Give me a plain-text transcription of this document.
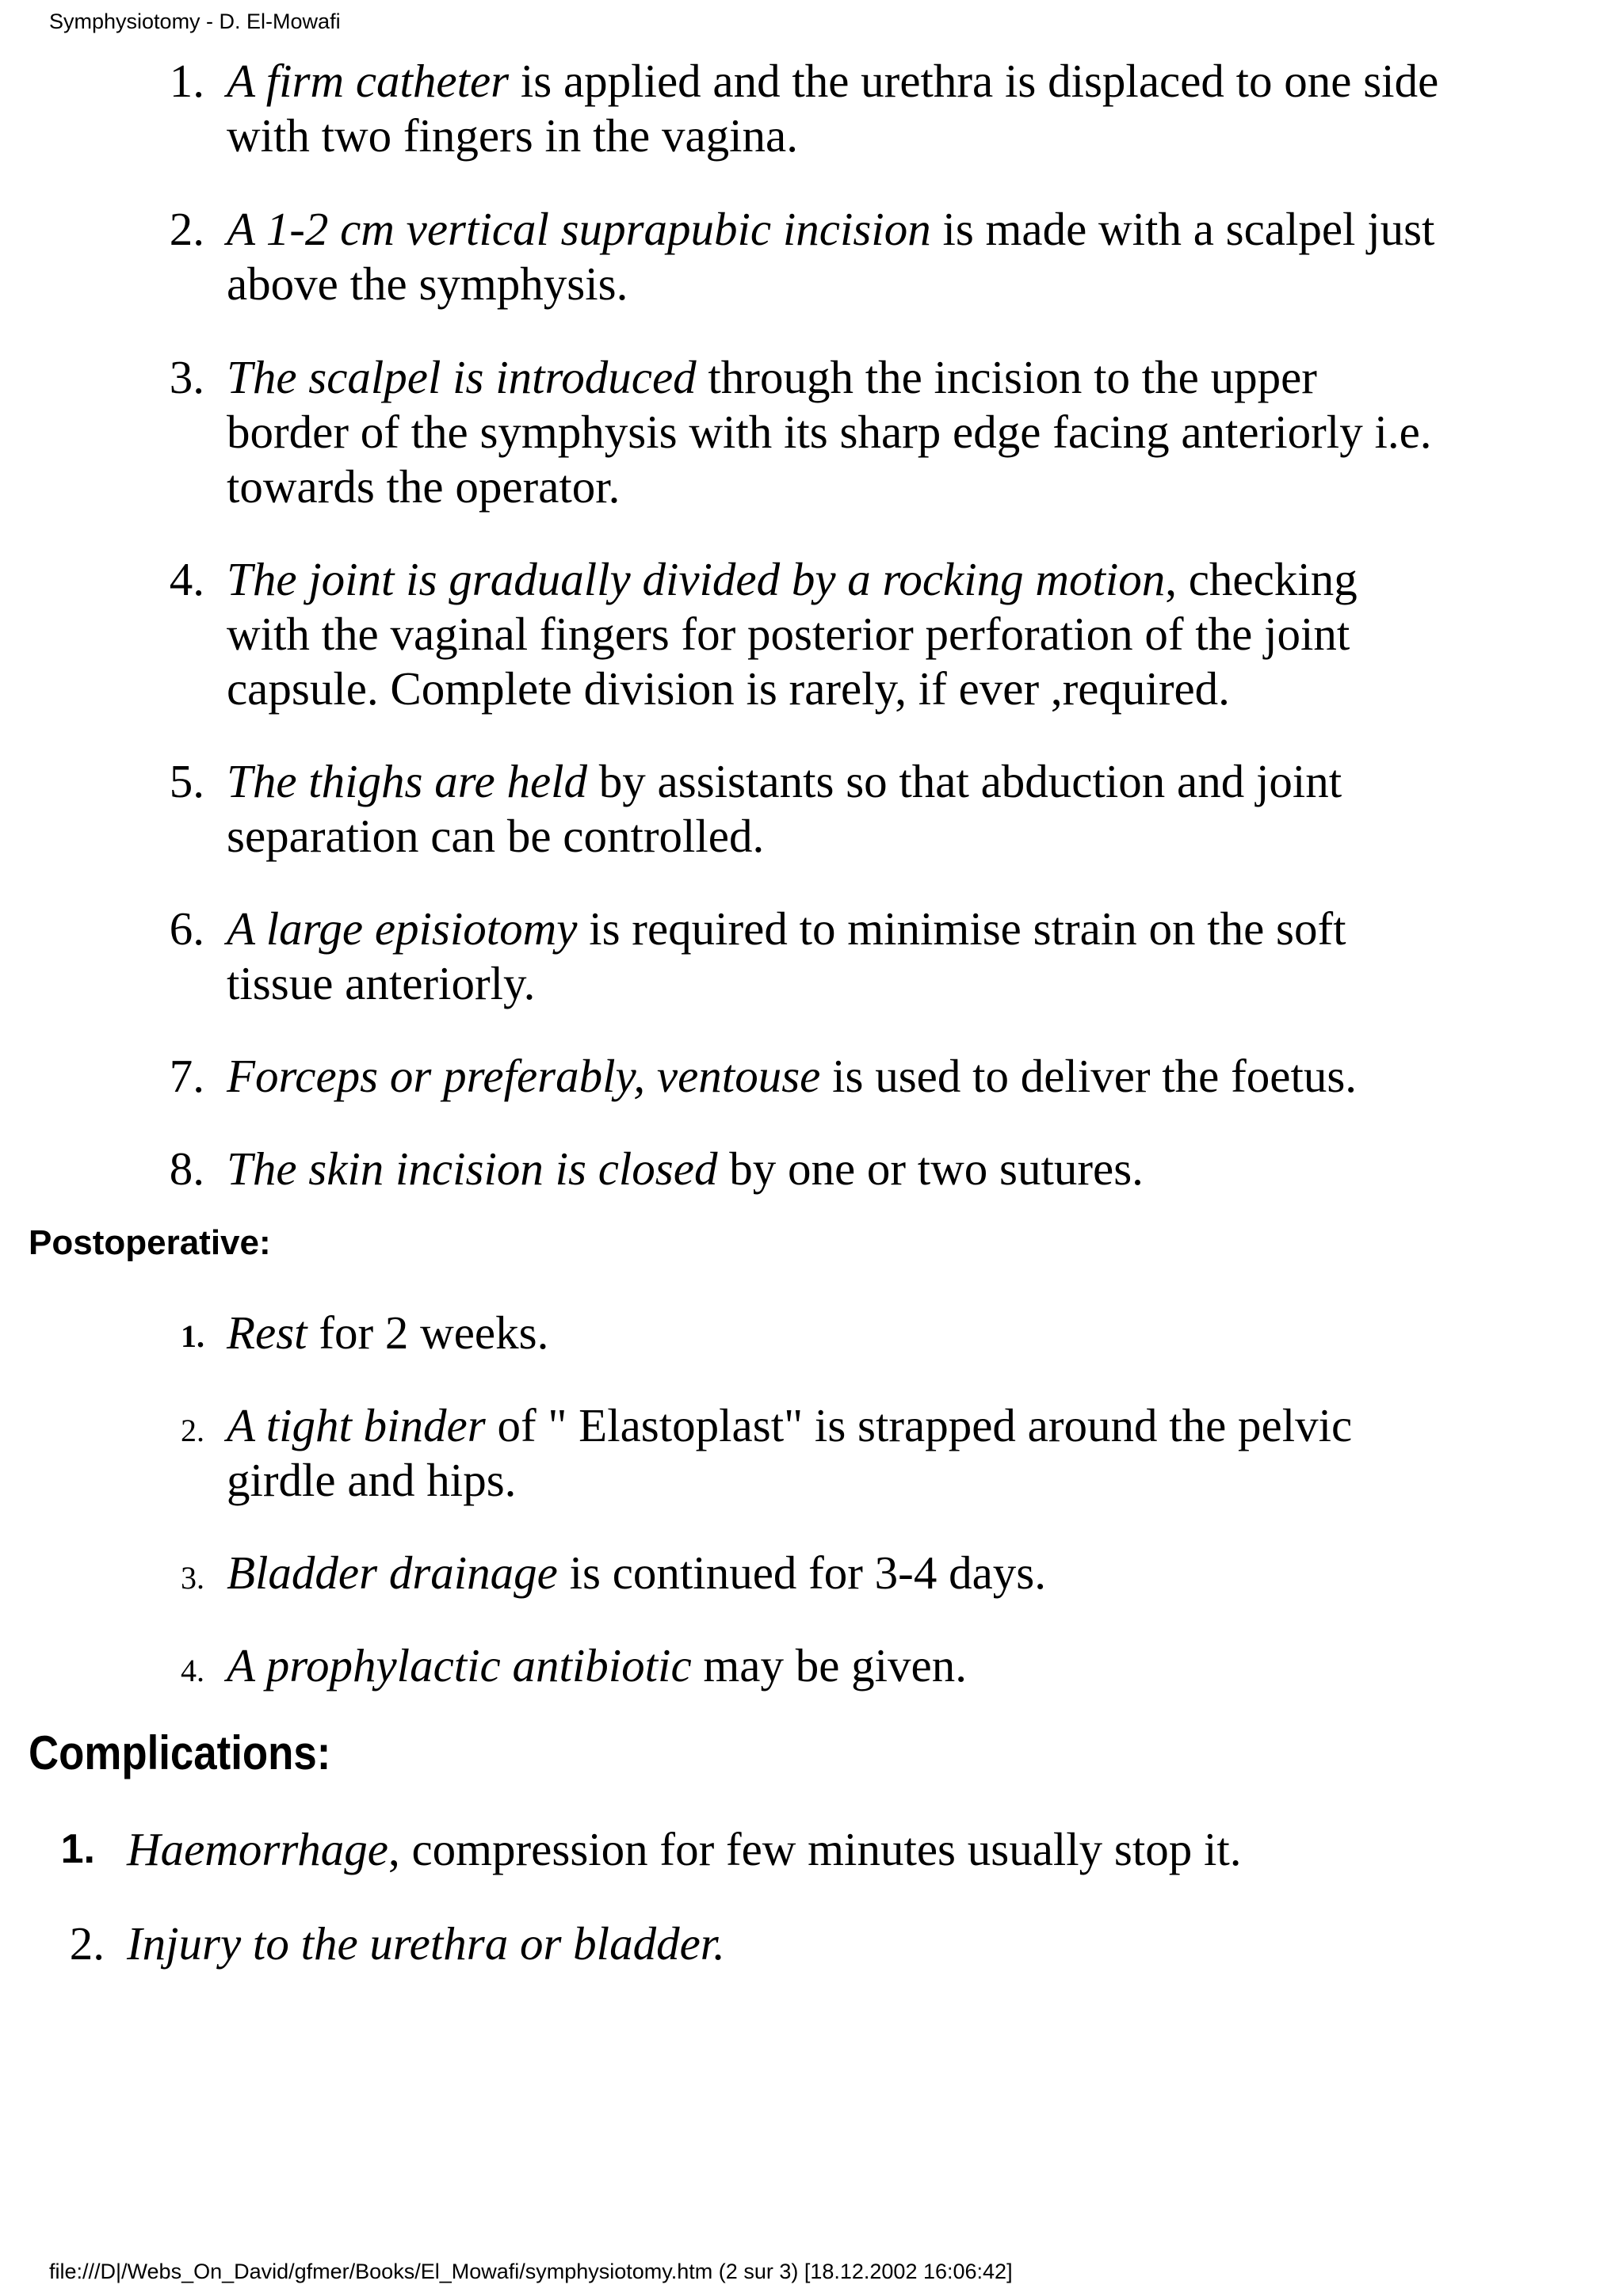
Symphysiotomy - D. El-Mowafi
1. A firm catheter is applied and the urethra is displaced to one side
with two fingers in the vagina.
2. A 1-2 cm vertical suprapubic incision is made with a scalpel just
above the symphysis.
3. The scalpel is introduced through the incision to the upper
border of the symphysis with its sharp edge facing anteriorly i.e.
towards the operator.
4. The joint is gradually divided by a rocking motion, checking
with the vaginal fingers for posterior perforation of the joint
capsule. Complete division is rarely, if ever ,required.
5. The thighs are held by assistants so that abduction and joint
separation can be controlled.
6. A large episiotomy is required to minimise strain on the soft
tissue anteriorly.
7. Forceps or preferably, ventouse is used to deliver the foetus.
8. The skin incision is closed by one or two sutures.
Postoperative:
1. Rest for 2 weeks.
2. A tight binder of " Elastoplast" is strapped around the pelvic
girdle and hips.
3. Bladder drainage is continued for 3-4 days.
4. A prophylactic antibiotic may be given.
Complications:
1. Haemorrhage, compression for few minutes usually stop it.
2. Injury to the urethra or bladder.
file:///D|/Webs_On_David/gfmer/Books/El_Mowafi/symphysiotomy.htm (2 sur 3) [18.12.2002 16:06:42]
